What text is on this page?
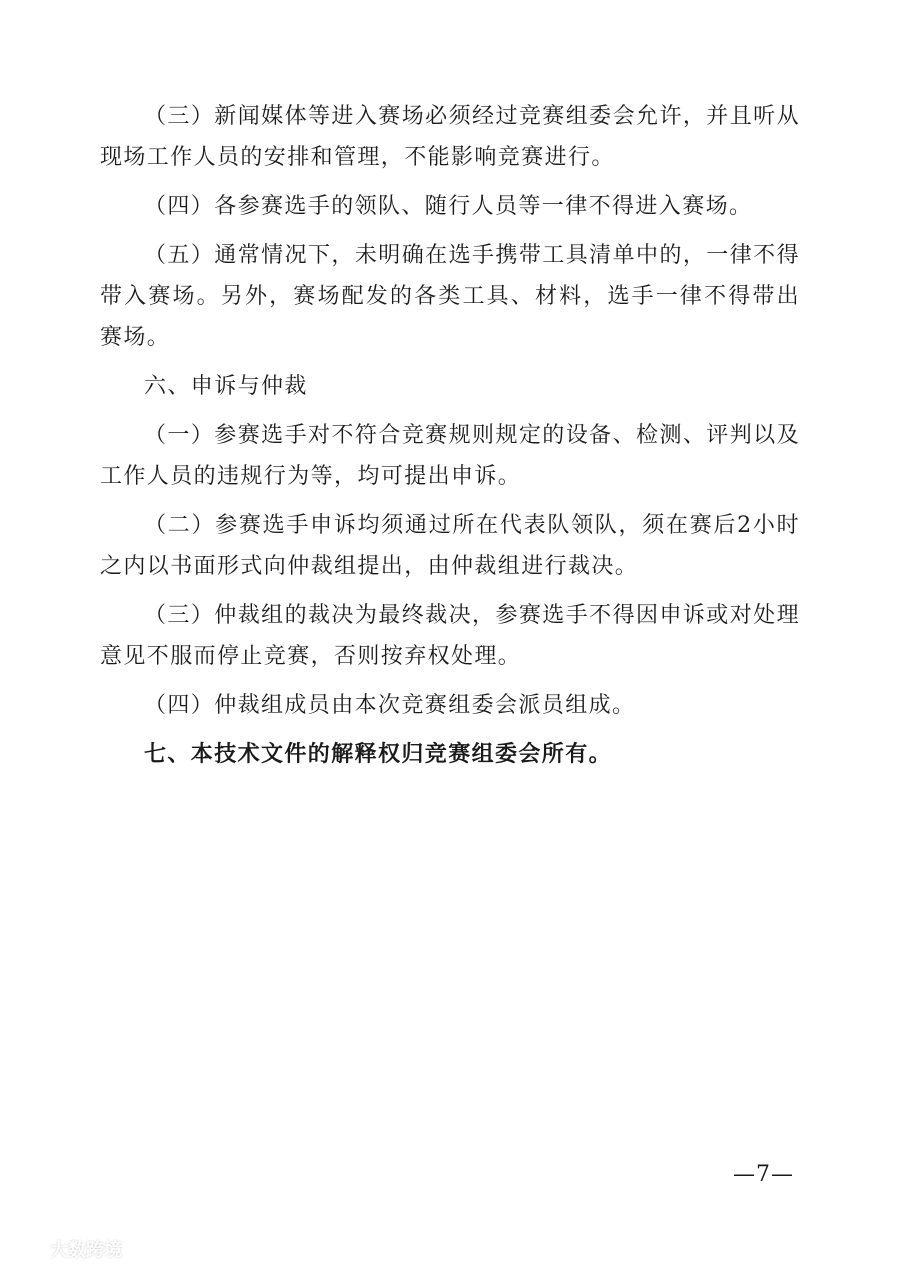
（三）新闻媒体等进入赛场必须经过竞赛组委会允许，并且听从现场工作人员的安排和管理，不能影响竞赛进行。

（四）各参赛选手的领队、随行人员等一律不得进入赛场。

（五）通常情况下，未明确在选手携带工具清单中的，一律不得带入赛场。另外，赛场配发的各类工具、材料，选手一律不得带出赛场。

六、申诉与仲裁

（一）参赛选手对不符合竞赛规则规定的设备、检测、评判以及工作人员的违规行为等，均可提出申诉。

（二）参赛选手申诉均须通过所在代表队领队，须在赛后2小时之内以书面形式向仲裁组提出，由仲裁组进行裁决。

（三）仲裁组的裁决为最终裁决，参赛选手不得因申诉或对处理意见不服而停止竞赛，否则按弃权处理。

（四）仲裁组成员由本次竞赛组委会派员组成。

七、本技术文件的解释权归竞赛组委会所有。

—7—
大数跨境
